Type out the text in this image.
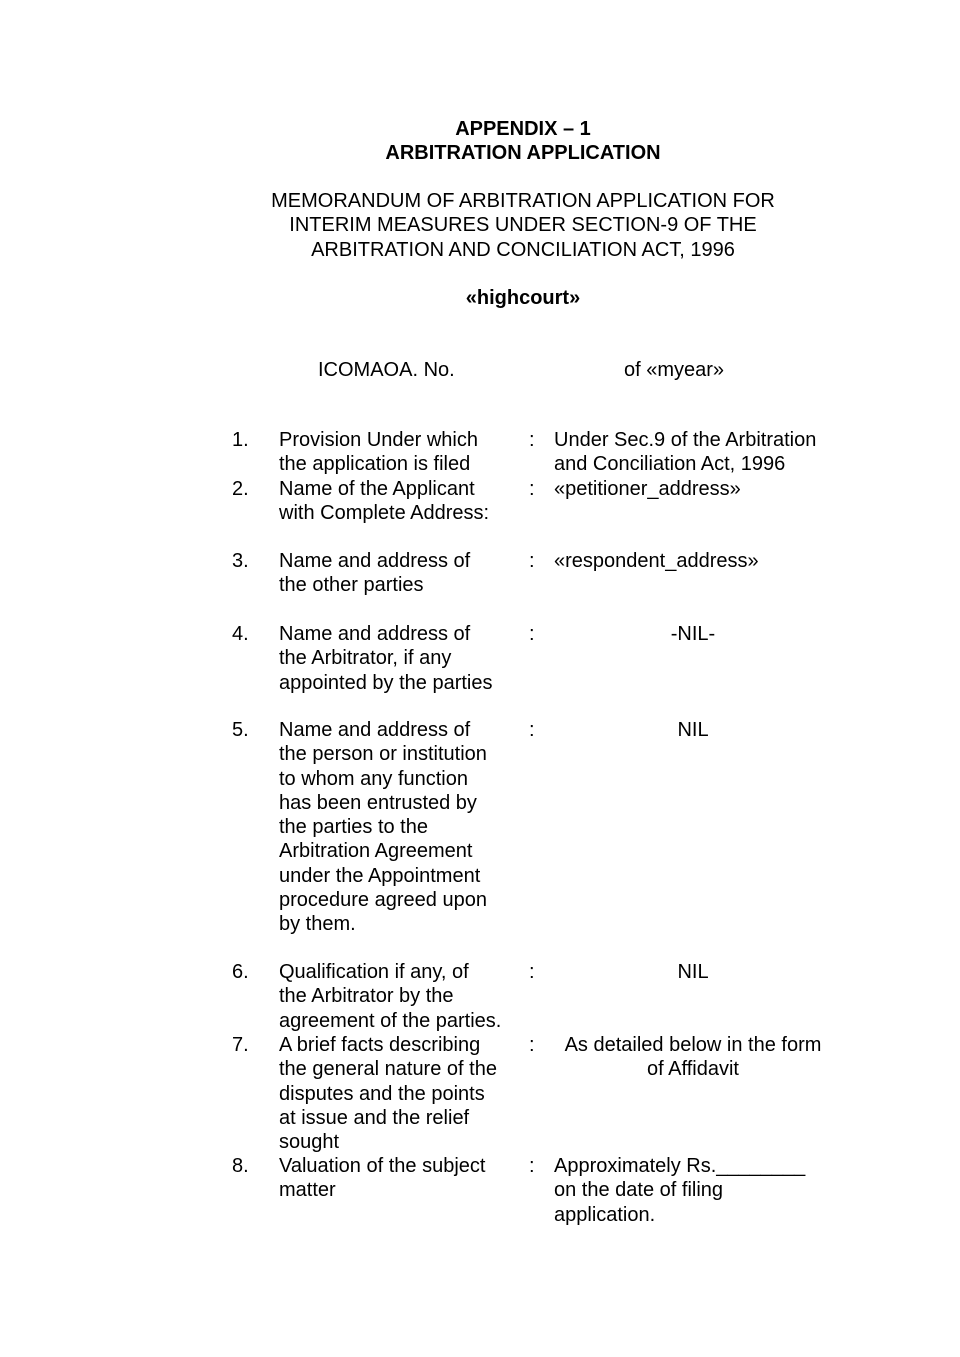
APPENDIX – 1
ARBITRATION APPLICATION
MEMORANDUM OF ARBITRATION APPLICATION FOR
INTERIM MEASURES UNDER SECTION-9 OF THE
ARBITRATION AND CONCILIATION ACT, 1996
«highcourt»
ICOMAOA. No.	of «myear»
1. Provision Under which
the application is filed
: Under Sec.9 of the Arbitration
and Conciliation Act, 1996
2. Name of the Applicant
with Complete Address:
: «petitioner_address»
3. Name and address of
the other parties
: «respondent_address»
4. Name and address of
the Arbitrator, if any
appointed by the parties
:	-NIL-
5. Name and address of
the person or institution
to whom any function
has been entrusted by
the parties to the
Arbitration Agreement
under the Appointment
procedure agreed upon
by them.
:	NIL
6. Qualification if any, of
the Arbitrator by the
agreement of the parties.
:	NIL
7. A brief facts describing
the general nature of the
disputes and the points
at issue and the relief
sought
:	As detailed below in the form
of Affidavit
8. Valuation of the subject
matter
: Approximately Rs.________
on the date of filing
application.
